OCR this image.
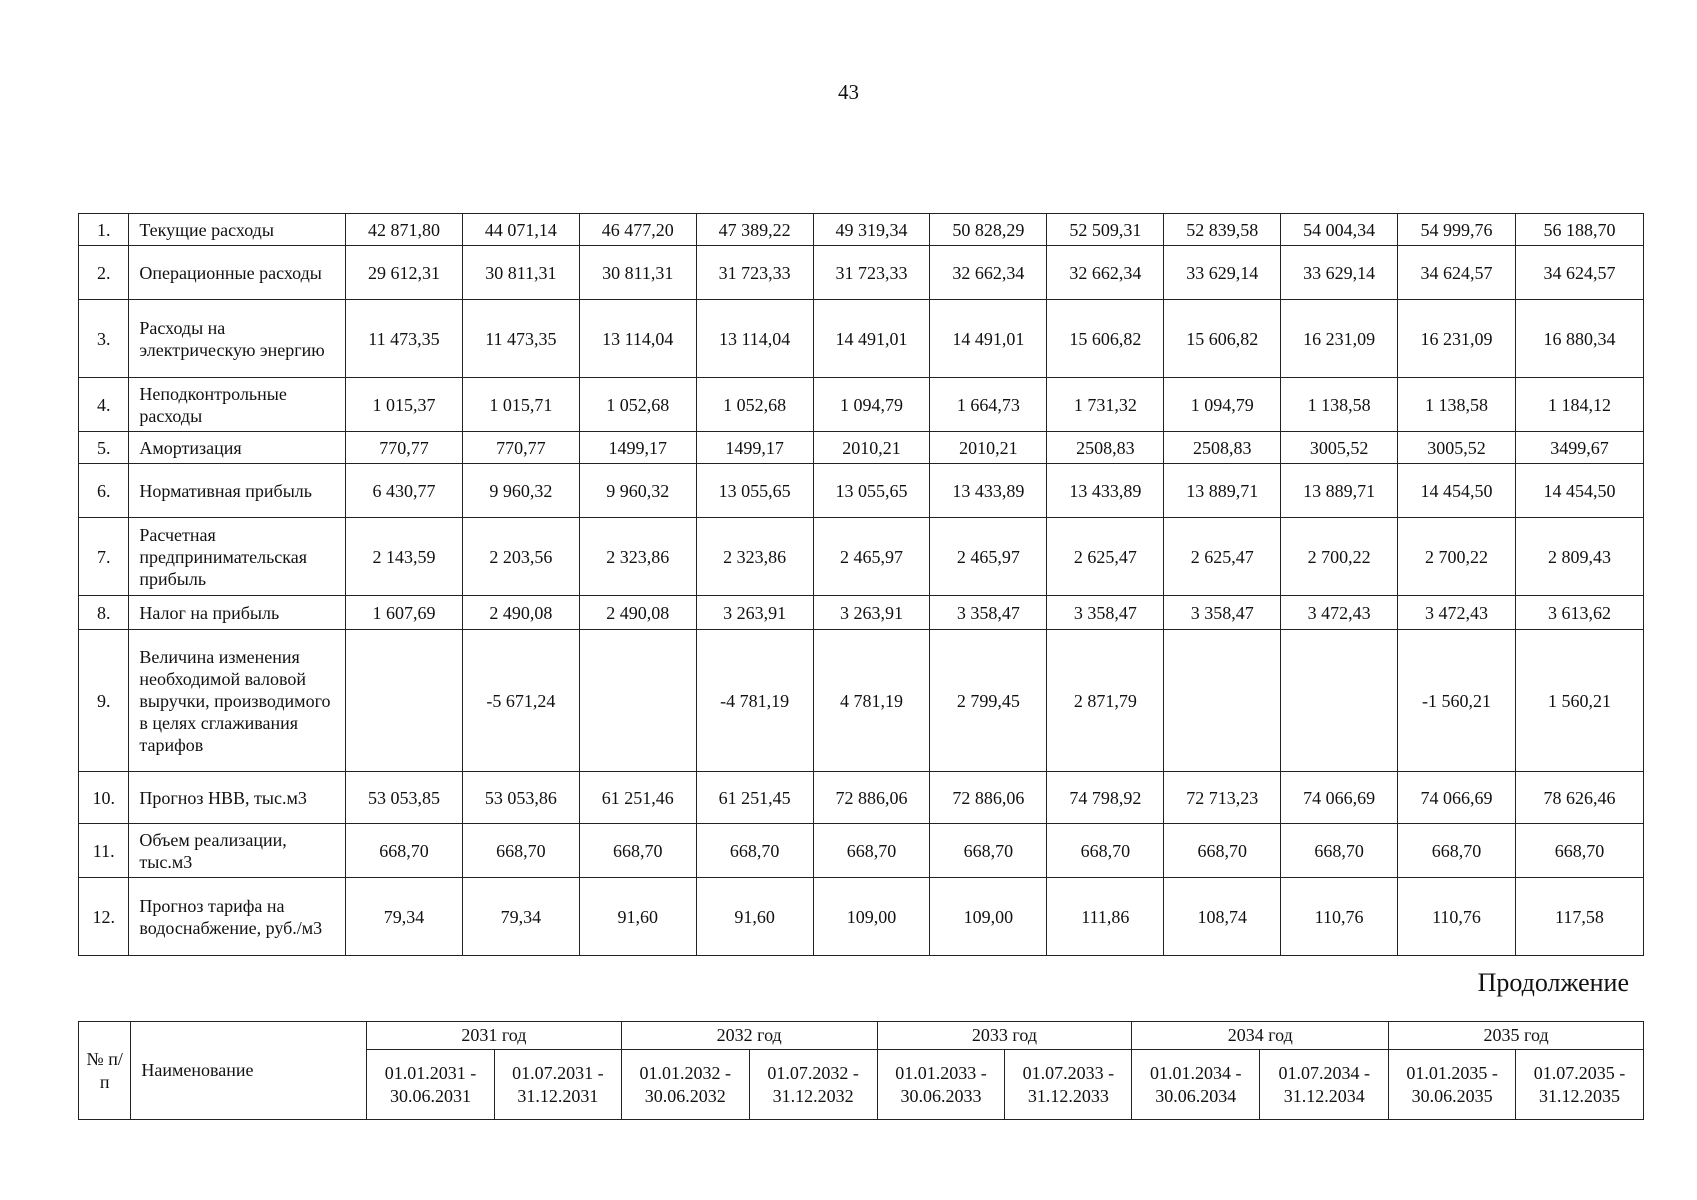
43
1.	Текущие расходы	42 871,80	44 071,14	46 477,20	47 389,22	49 319,34	50 828,29	52 509,31	52 839,58	54 004,34	54 999,76	56 188,70
2.	Операционные расходы	29 612,31	30 811,31	30 811,31	31 723,33	31 723,33	32 662,34	32 662,34	33 629,14	33 629,14	34 624,57	34 624,57
3.	Расходы на электрическую энергию	11 473,35	11 473,35	13 114,04	13 114,04	14 491,01	14 491,01	15 606,82	15 606,82	16 231,09	16 231,09	16 880,34
4.	Неподконтрольные расходы	1 015,37	1 015,71	1 052,68	1 052,68	1 094,79	1 664,73	1 731,32	1 094,79	1 138,58	1 138,58	1 184,12
5.	Амортизация	770,77	770,77	1499,17	1499,17	2010,21	2010,21	2508,83	2508,83	3005,52	3005,52	3499,67
6.	Нормативная прибыль	6 430,77	9 960,32	9 960,32	13 055,65	13 055,65	13 433,89	13 433,89	13 889,71	13 889,71	14 454,50	14 454,50
7.	Расчетная предпринимательская прибыль	2 143,59	2 203,56	2 323,86	2 323,86	2 465,97	2 465,97	2 625,47	2 625,47	2 700,22	2 700,22	2 809,43
8.	Налог на прибыль	1 607,69	2 490,08	2 490,08	3 263,91	3 263,91	3 358,47	3 358,47	3 358,47	3 472,43	3 472,43	3 613,62
9.	Величина изменения необходимой валовой выручки, производимого в целях сглаживания тарифов		-5 671,24		-4 781,19	4 781,19	2 799,45	2 871,79			-1 560,21	1 560,21
10.	Прогноз НВВ, тыс.м3	53 053,85	53 053,86	61 251,46	61 251,45	72 886,06	72 886,06	74 798,92	72 713,23	74 066,69	74 066,69	78 626,46
11.	Объем реализации, тыс.м3	668,70	668,70	668,70	668,70	668,70	668,70	668,70	668,70	668,70	668,70	668,70
12.	Прогноз тарифа на водоснабжение, руб./м3	79,34	79,34	91,60	91,60	109,00	109,00	111,86	108,74	110,76	110,76	117,58
Продолжение
№ п/п	Наименование	2031 год		2032 год		2033 год		2034 год		2035 год	
		01.01.2031 - 30.06.2031	01.07.2031 - 31.12.2031	01.01.2032 - 30.06.2032	01.07.2032 - 31.12.2032	01.01.2033 - 30.06.2033	01.07.2033 - 31.12.2033	01.01.2034 - 30.06.2034	01.07.2034 - 31.12.2034	01.01.2035 - 30.06.2035	01.07.2035 - 31.12.2035
